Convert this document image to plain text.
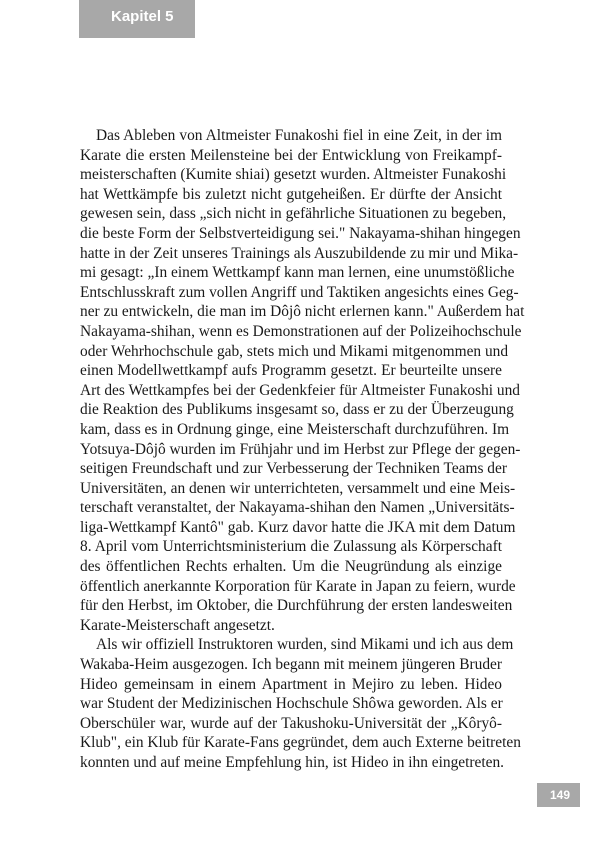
Kapitel 5

Das Ableben von Altmeister Funakoshi fiel in eine Zeit, in der im
Karate die ersten Meilensteine bei der Entwicklung von Freikampf-
meisterschaften (Kumite shiai) gesetzt wurden. Altmeister Funakoshi
hat Wettkämpfe bis zuletzt nicht gutgeheißen. Er dürfte der Ansicht
gewesen sein, dass „sich nicht in gefährliche Situationen zu begeben,
die beste Form der Selbstverteidigung sei." Nakayama-shihan hingegen
hatte in der Zeit unseres Trainings als Auszubildende zu mir und Mika-
mi gesagt: „In einem Wettkampf kann man lernen, eine unumstößliche
Entschlusskraft zum vollen Angriff und Taktiken angesichts eines Geg-
ner zu entwickeln, die man im Dôjô nicht erlernen kann." Außerdem hat
Nakayama-shihan, wenn es Demonstrationen auf der Polizeihochschule
oder Wehrhochschule gab, stets mich und Mikami mitgenommen und
einen Modellwettkampf aufs Programm gesetzt. Er beurteilte unsere
Art des Wettkampfes bei der Gedenkfeier für Altmeister Funakoshi und
die Reaktion des Publikums insgesamt so, dass er zu der Überzeugung
kam, dass es in Ordnung ginge, eine Meisterschaft durchzuführen. Im
Yotsuya-Dôjô wurden im Frühjahr und im Herbst zur Pflege der gegen-
seitigen Freundschaft und zur Verbesserung der Techniken Teams der
Universitäten, an denen wir unterrichteten, versammelt und eine Meis-
terschaft veranstaltet, der Nakayama-shihan den Namen „Universitäts-
liga-Wettkampf Kantô" gab. Kurz davor hatte die JKA mit dem Datum
8. April vom Unterrichtsministerium die Zulassung als Körperschaft
des öffentlichen Rechts erhalten. Um die Neugründung als einzige
öffentlich anerkannte Korporation für Karate in Japan zu feiern, wurde
für den Herbst, im Oktober, die Durchführung der ersten landesweiten
Karate-Meisterschaft angesetzt.

Als wir offiziell Instruktoren wurden, sind Mikami und ich aus dem
Wakaba-Heim ausgezogen. Ich begann mit meinem jüngeren Bruder
Hideo gemeinsam in einem Apartment in Mejiro zu leben. Hideo
war Student der Medizinischen Hochschule Shôwa geworden. Als er
Oberschüler war, wurde auf der Takushoku-Universität der „Kôryô-
Klub", ein Klub für Karate-Fans gegründet, dem auch Externe beitreten
konnten und auf meine Empfehlung hin, ist Hideo in ihn eingetreten.

149
